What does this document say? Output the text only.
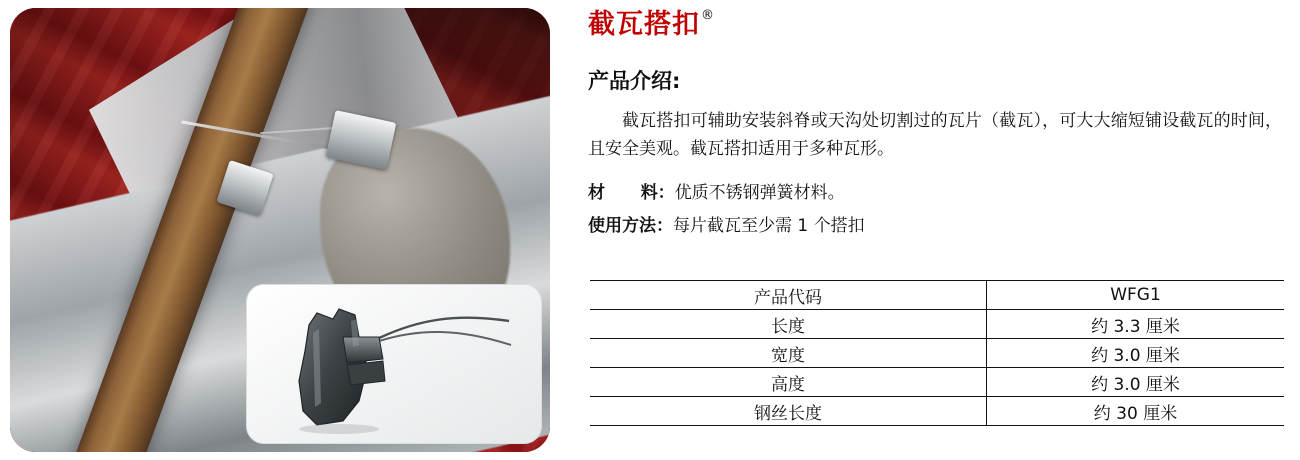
截瓦搭扣®
产品介绍:
截瓦搭扣可辅助安装斜脊或天沟处切割过的瓦片（截瓦），可大大缩短铺设截瓦的时间，且安全美观。截瓦搭扣适用于多种瓦形。
材 料：优质不锈钢弹簧材料。
使用方法：每片截瓦至少需 1 个搭扣
产品代码	WFG1
长度	约 3.3 厘米
宽度	约 3.0 厘米
高度	约 3.0 厘米
钢丝长度	约 30 厘米
